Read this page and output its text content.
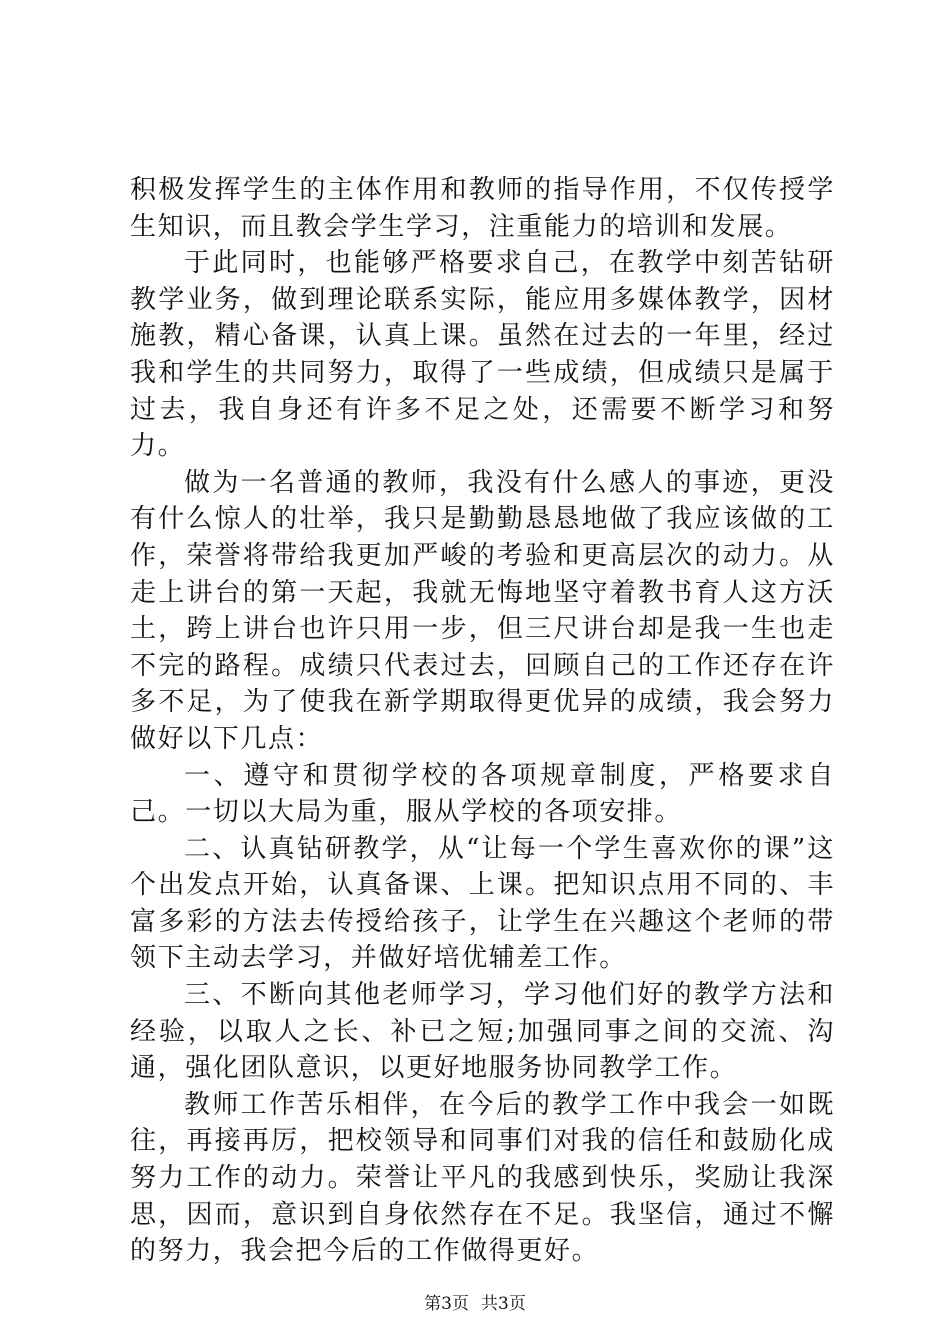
积极发挥学生的主体作用和教师的指导作用，不仅传授学生知识，而且教会学生学习，注重能力的培训和发展。

于此同时，也能够严格要求自己，在教学中刻苦钻研教学业务，做到理论联系实际，能应用多媒体教学，因材施教，精心备课，认真上课。虽然在过去的一年里，经过我和学生的共同努力，取得了一些成绩，但成绩只是属于过去，我自身还有许多不足之处，还需要不断学习和努力。

做为一名普通的教师，我没有什么感人的事迹，更没有什么惊人的壮举，我只是勤勤恳恳地做了我应该做的工作，荣誉将带给我更加严峻的考验和更高层次的动力。从走上讲台的第一天起，我就无悔地坚守着教书育人这方沃土，跨上讲台也许只用一步，但三尺讲台却是我一生也走不完的路程。成绩只代表过去，回顾自己的工作还存在许多不足，为了使我在新学期取得更优异的成绩，我会努力做好以下几点：

一、遵守和贯彻学校的各项规章制度，严格要求自己。一切以大局为重，服从学校的各项安排。

二、认真钻研教学，从“让每一个学生喜欢你的课”这个出发点开始，认真备课、上课。把知识点用不同的、丰富多彩的方法去传授给孩子，让学生在兴趣这个老师的带领下主动去学习，并做好培优辅差工作。

三、不断向其他老师学习，学习他们好的教学方法和经验，以取人之长、补已之短;加强同事之间的交流、沟通，强化团队意识，以更好地服务协同教学工作。

教师工作苦乐相伴，在今后的教学工作中我会一如既往，再接再厉，把校领导和同事们对我的信任和鼓励化成努力工作的动力。荣誉让平凡的我感到快乐，奖励让我深思，因而，意识到自身依然存在不足。我坚信，通过不懈的努力，我会把今后的工作做得更好。

第3页 共3页
